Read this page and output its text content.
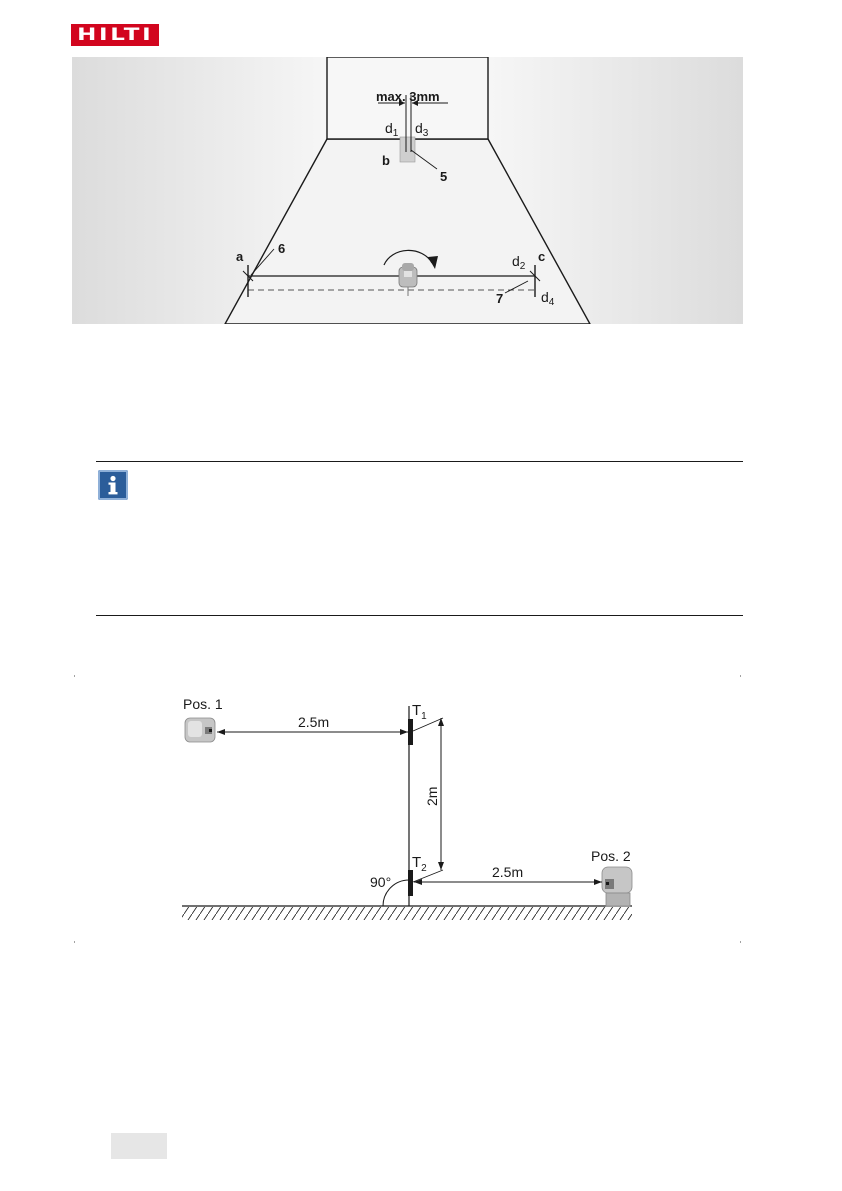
HILTI
max. 3mm
$d_1$ $d_3$
b
5
a	c
6
$d_2$
$d_4$
7
$T_1$
$T_2$
2m
Pos. 1
2.5m
Pos. 2
2.5m
90°
